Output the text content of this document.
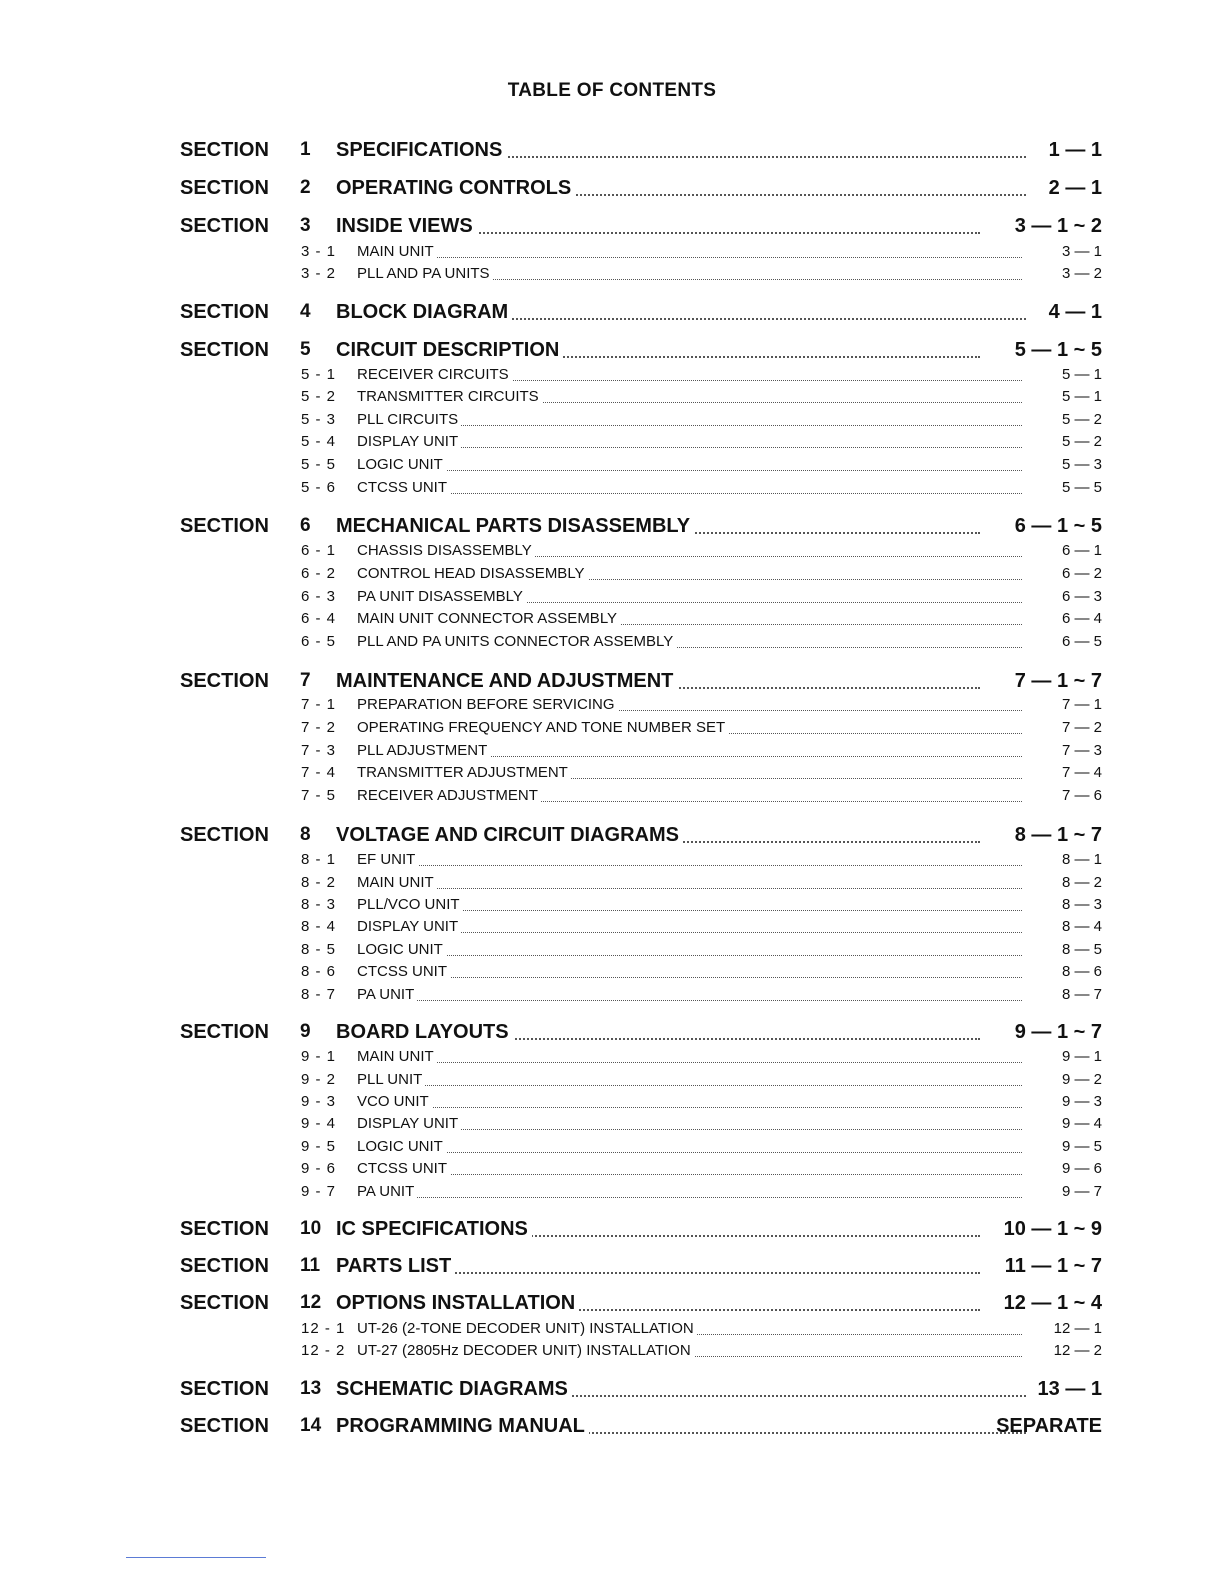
TABLE OF CONTENTS
SECTION 1 SPECIFICATIONS	1 — 1
SECTION 2 OPERATING CONTROLS	2 — 1
SECTION 3 INSIDE VIEWS	3 — 1 ~ 2
3 - 1 MAIN UNIT	3 — 1
3 - 2 PLL AND PA UNITS	3 — 2
SECTION 4 BLOCK DIAGRAM	4 — 1
SECTION 5 CIRCUIT DESCRIPTION	5 — 1 ~ 5
5 - 1 RECEIVER CIRCUITS	5 — 1
5 - 2 TRANSMITTER CIRCUITS	5 — 1
5 - 3 PLL CIRCUITS	5 — 2
5 - 4 DISPLAY UNIT	5 — 2
5 - 5 LOGIC UNIT	5 — 3
5 - 6 CTCSS UNIT	5 — 5
SECTION 6 MECHANICAL PARTS DISASSEMBLY	6 — 1 ~ 5
6 - 1 CHASSIS DISASSEMBLY	6 — 1
6 - 2 CONTROL HEAD DISASSEMBLY	6 — 2
6 - 3 PA UNIT DISASSEMBLY	6 — 3
6 - 4 MAIN UNIT CONNECTOR ASSEMBLY	6 — 4
6 - 5 PLL AND PA UNITS CONNECTOR ASSEMBLY	6 — 5
SECTION 7 MAINTENANCE AND ADJUSTMENT	7 — 1 ~ 7
7 - 1 PREPARATION BEFORE SERVICING	7 — 1
7 - 2 OPERATING FREQUENCY AND TONE NUMBER SET	7 — 2
7 - 3 PLL ADJUSTMENT	7 — 3
7 - 4 TRANSMITTER ADJUSTMENT	7 — 4
7 - 5 RECEIVER ADJUSTMENT	7 — 6
SECTION 8 VOLTAGE AND CIRCUIT DIAGRAMS	8 — 1 ~ 7
8 - 1 EF UNIT	8 — 1
8 - 2 MAIN UNIT	8 — 2
8 - 3 PLL/VCO UNIT	8 — 3
8 - 4 DISPLAY UNIT	8 — 4
8 - 5 LOGIC UNIT	8 — 5
8 - 6 CTCSS UNIT	8 — 6
8 - 7 PA UNIT	8 — 7
SECTION 9 BOARD LAYOUTS	9 — 1 ~ 7
9 - 1 MAIN UNIT	9 — 1
9 - 2 PLL UNIT	9 — 2
9 - 3 VCO UNIT	9 — 3
9 - 4 DISPLAY UNIT	9 — 4
9 - 5 LOGIC UNIT	9 — 5
9 - 6 CTCSS UNIT	9 — 6
9 - 7 PA UNIT	9 — 7
SECTION 10 IC SPECIFICATIONS	10 — 1 ~ 9
SECTION 11 PARTS LIST	11 — 1 ~ 7
SECTION 12 OPTIONS INSTALLATION	12 — 1 ~ 4
12 - 1 UT-26 (2-TONE DECODER UNIT) INSTALLATION	12 — 1
12 - 2 UT-27 (2805Hz DECODER UNIT) INSTALLATION	12 — 2
SECTION 13 SCHEMATIC DIAGRAMS	13 — 1
SECTION 14 PROGRAMMING MANUAL	SEPARATE
